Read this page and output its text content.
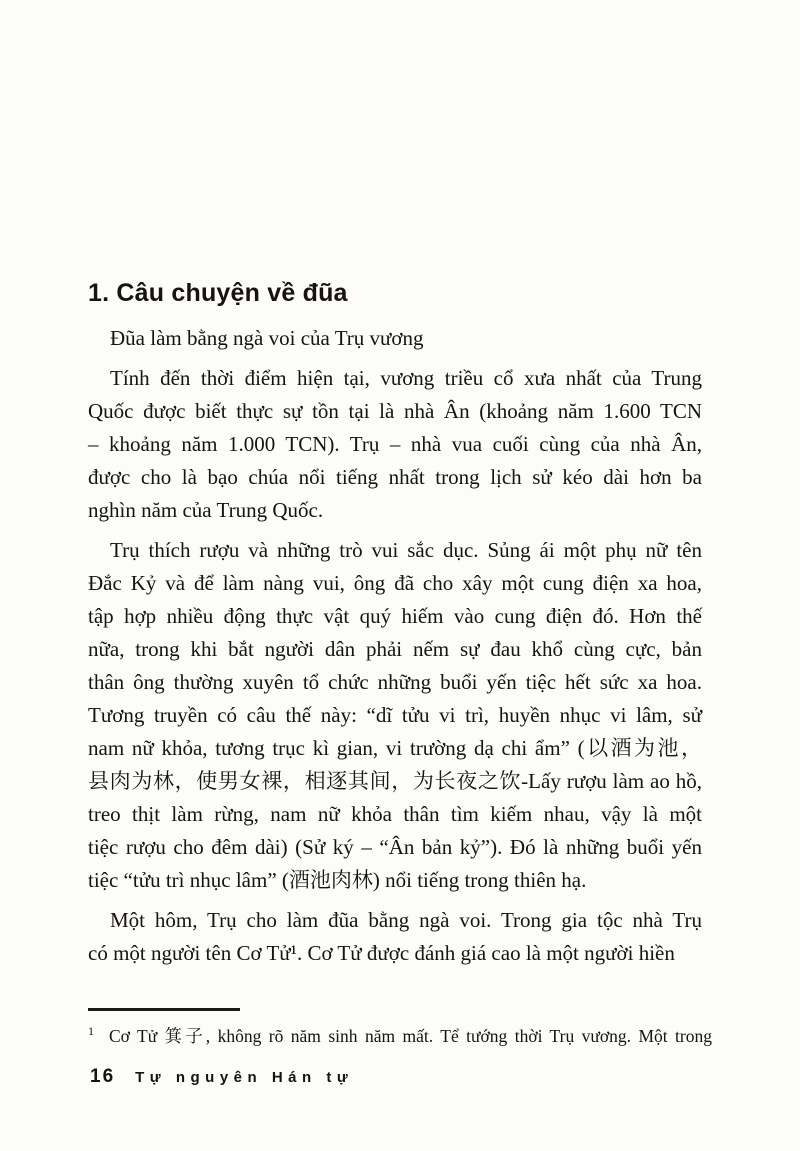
1. Câu chuyện về đũa
Đũa làm bằng ngà voi của Trụ vương
Tính đến thời điểm hiện tại, vương triều cổ xưa nhất của Trung
Quốc được biết thực sự tồn tại là nhà Ân (khoảng năm 1.600 TCN
– khoảng năm 1.000 TCN). Trụ – nhà vua cuối cùng của nhà Ân,
được cho là bạo chúa nổi tiếng nhất trong lịch sử kéo dài hơn ba
nghìn năm của Trung Quốc.
Trụ thích rượu và những trò vui sắc dục. Sủng ái một phụ nữ tên
Đắc Kỷ và để làm nàng vui, ông đã cho xây một cung điện xa hoa,
tập hợp nhiều động thực vật quý hiếm vào cung điện đó. Hơn thế
nữa, trong khi bắt người dân phải nếm sự đau khổ cùng cực, bản
thân ông thường xuyên tổ chức những buổi yến tiệc hết sức xa hoa.
Tương truyền có câu thế này: “dĩ tửu vi trì, huyền nhục vi lâm, sử
nam nữ khỏa, tương trục kì gian, vi trường dạ chi ẩm” (以酒为池，
县肉为林，使男女裸，相逐其间，为长夜之饮-Lấy rượu làm ao hồ,
treo thịt làm rừng, nam nữ khỏa thân tìm kiếm nhau, vậy là một
tiệc rượu cho đêm dài) (Sử ký – “Ân bản kỷ”). Đó là những buổi yến
tiệc “tửu trì nhục lâm” (酒池肉林) nổi tiếng trong thiên hạ.
Một hôm, Trụ cho làm đũa bằng ngà voi. Trong gia tộc nhà Trụ
có một người tên Cơ Tử¹. Cơ Tử được đánh giá cao là một người hiền
$^1$ Cơ Tử 箕子, không rõ năm sinh năm mất. Tể tướng thời Trụ vương. Một trong
16 Tự nguyên Hán tự
